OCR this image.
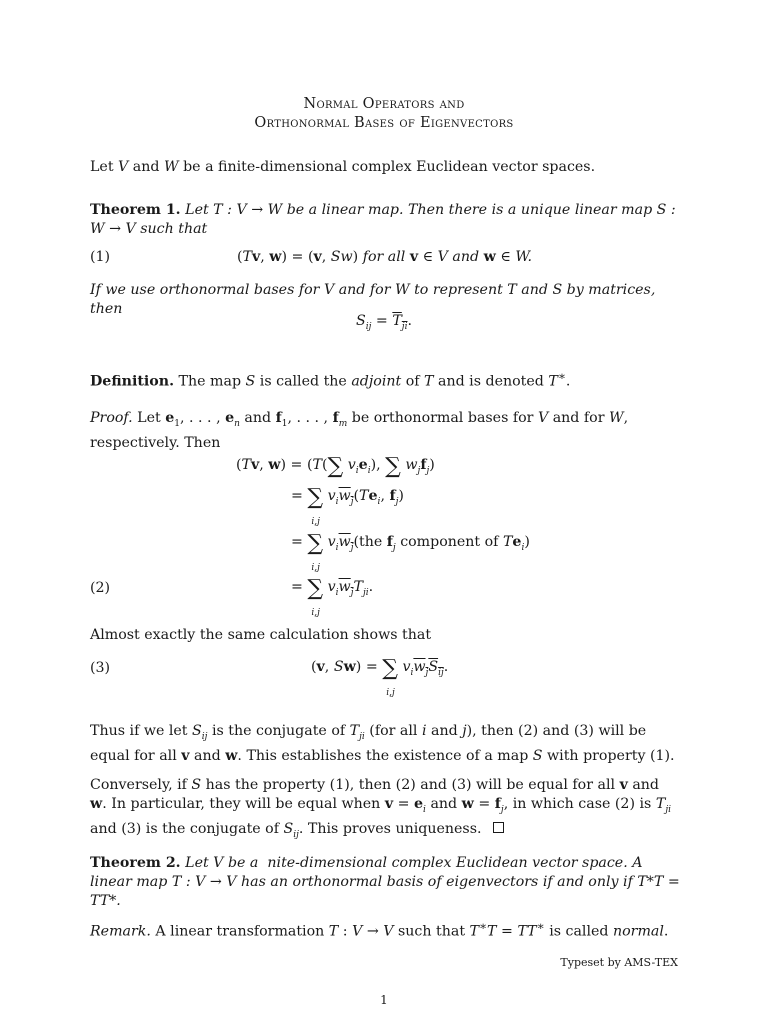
Normal Operators and
Orthonormal Bases of Eigenvectors
Let V and W be a finite-dimensional complex Euclidean vector spaces.
Theorem 1. Let T : V → W be a linear map. Then there is a unique linear map S : W → V such that
(1)	(Tv, w) = (v, Sw) for all v ∈ V and w ∈ W.
If we use orthonormal bases for V and for W to represent T and S by matrices, then
$S_{ij} = T_{ji}$.
Definition. The map S is called the adjoint of T and is denoted T∗.
Proof. Let $e_1$, . . . , $e_n$ and $f_1$, . . . , $f_m$ be orthonormal bases for V and for W, respectively. Then
(Tv, w) = (T(∑ $v_ie_i$), ∑ $w_jf_j$)
= ∑
i,j
$v_iw_j(Te_i$, $f_j$)
= ∑
i,j
$v_iw_j(the$ $f_j$ component of $Te_i$)
(2)	= ∑
i,j
$v_iw_jT_{ji}$.
Almost exactly the same calculation shows that
(3)	(v, Sw) = ∑
i,j
$v_iw_jS_{ij}$.
Thus if we let $S_{ij}$ is the conjugate of $T_{ji}$ (for all i and j), then (2) and (3) will be equal for all v and w. This establishes the existence of a map S with property (1).
Conversely, if S has the property (1), then (2) and (3) will be equal for all v and w. In particular, they will be equal when $v = e_i$ and $w = f_j$, in which case (2) is $T_{ji}$ and (3) is the conjugate of $S_{ij}$. This proves uniqueness.
Theorem 2. Let V be a  nite-dimensional complex Euclidean vector space. A linear map T : V → V has an orthonormal basis of eigenvectors if and only if T*T = TT*.
Remark. A linear transformation T : V → V such that T∗T = TT∗ is called normal.
Typeset by AMS-TEX
1
